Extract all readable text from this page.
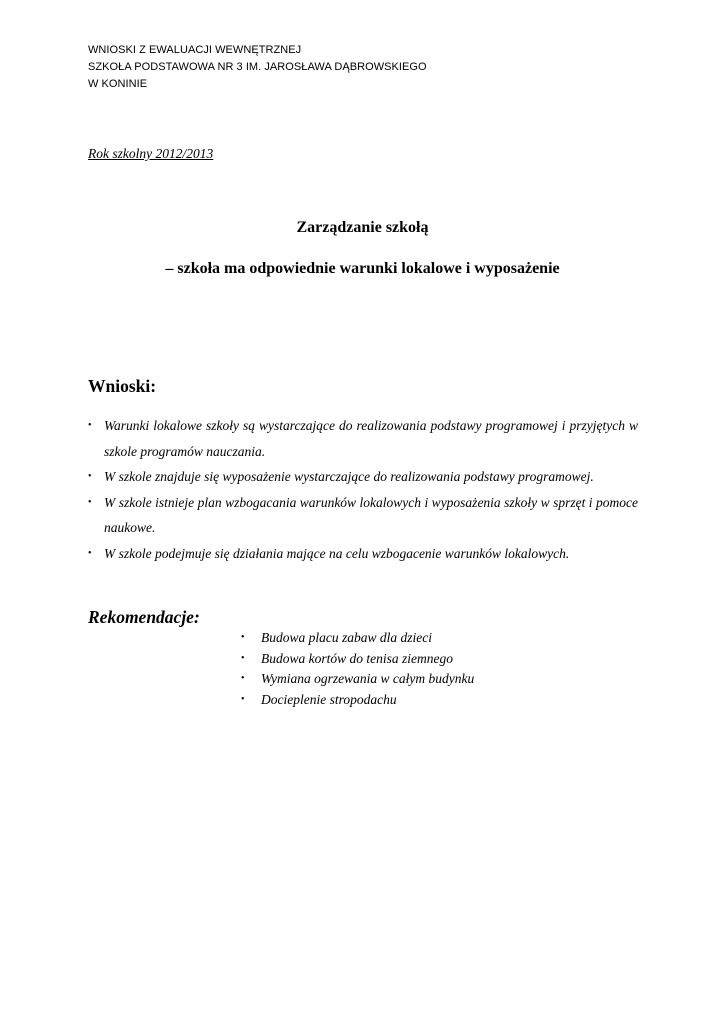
WNIOSKI Z EWALUACJI WEWNĘTRZNEJ
SZKOŁA PODSTAWOWA NR 3 IM. JAROSŁAWA DĄBROWSKIEGO
W KONINIE
Rok szkolny 2012/2013
Zarządzanie szkołą
– szkoła ma odpowiednie warunki lokalowe i wyposażenie
Wnioski:
• Warunki lokalowe szkoły są wystarczające do realizowania podstawy programowej i przyjętych w szkole programów nauczania.
• W szkole znajduje się wyposażenie wystarczające do realizowania podstawy programowej.
• W szkole istnieje plan wzbogacania warunków lokalowych i wyposażenia szkoły w sprzęt i pomoce naukowe.
• W szkole podejmuje się działania mające na celu wzbogacenie warunków lokalowych.
Rekomendacje:
• Budowa placu zabaw dla dzieci
• Budowa kortów do tenisa ziemnego
• Wymiana ogrzewania w całym budynku
• Docieplenie stropodachu
